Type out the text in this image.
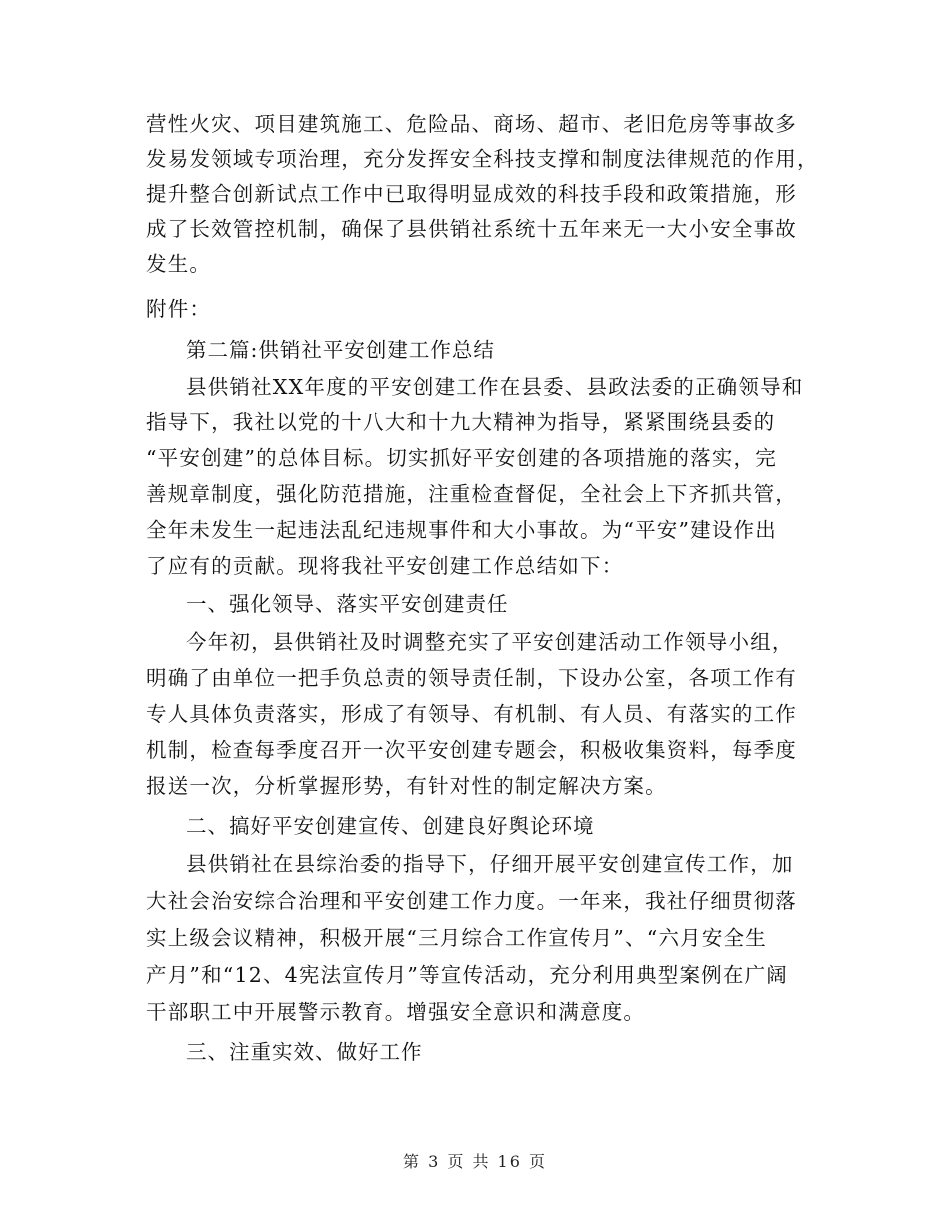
营性火灾、项目建筑施工、危险品、商场、超市、老旧危房等事故多
发易发领域专项治理，充分发挥安全科技支撑和制度法律规范的作用，
提升整合创新试点工作中已取得明显成效的科技手段和政策措施，形
成了长效管控机制，确保了县供销社系统十五年来无一大小安全事故
发生。
附件：
第二篇:供销社平安创建工作总结
县供销社XX年度的平安创建工作在县委、县政法委的正确领导和
指导下，我社以党的十八大和十九大精神为指导，紧紧围绕县委的
“平安创建”的总体目标。切实抓好平安创建的各项措施的落实，完
善规章制度，强化防范措施，注重检查督促，全社会上下齐抓共管，
全年未发生一起违法乱纪违规事件和大小事故。为“平安”建设作出
了应有的贡献。现将我社平安创建工作总结如下：
一、强化领导、落实平安创建责任
今年初，县供销社及时调整充实了平安创建活动工作领导小组，
明确了由单位一把手负总责的领导责任制，下设办公室，各项工作有
专人具体负责落实，形成了有领导、有机制、有人员、有落实的工作
机制，检查每季度召开一次平安创建专题会，积极收集资料，每季度
报送一次，分析掌握形势，有针对性的制定解决方案。
二、搞好平安创建宣传、创建良好舆论环境
县供销社在县综治委的指导下，仔细开展平安创建宣传工作，加
大社会治安综合治理和平安创建工作力度。一年来，我社仔细贯彻落
实上级会议精神，积极开展“三月综合工作宣传月”、“六月安全生
产月”和“12、4宪法宣传月”等宣传活动，充分利用典型案例在广阔
干部职工中开展警示教育。增强安全意识和满意度。
三、注重实效、做好工作
第 3 页 共 16 页
